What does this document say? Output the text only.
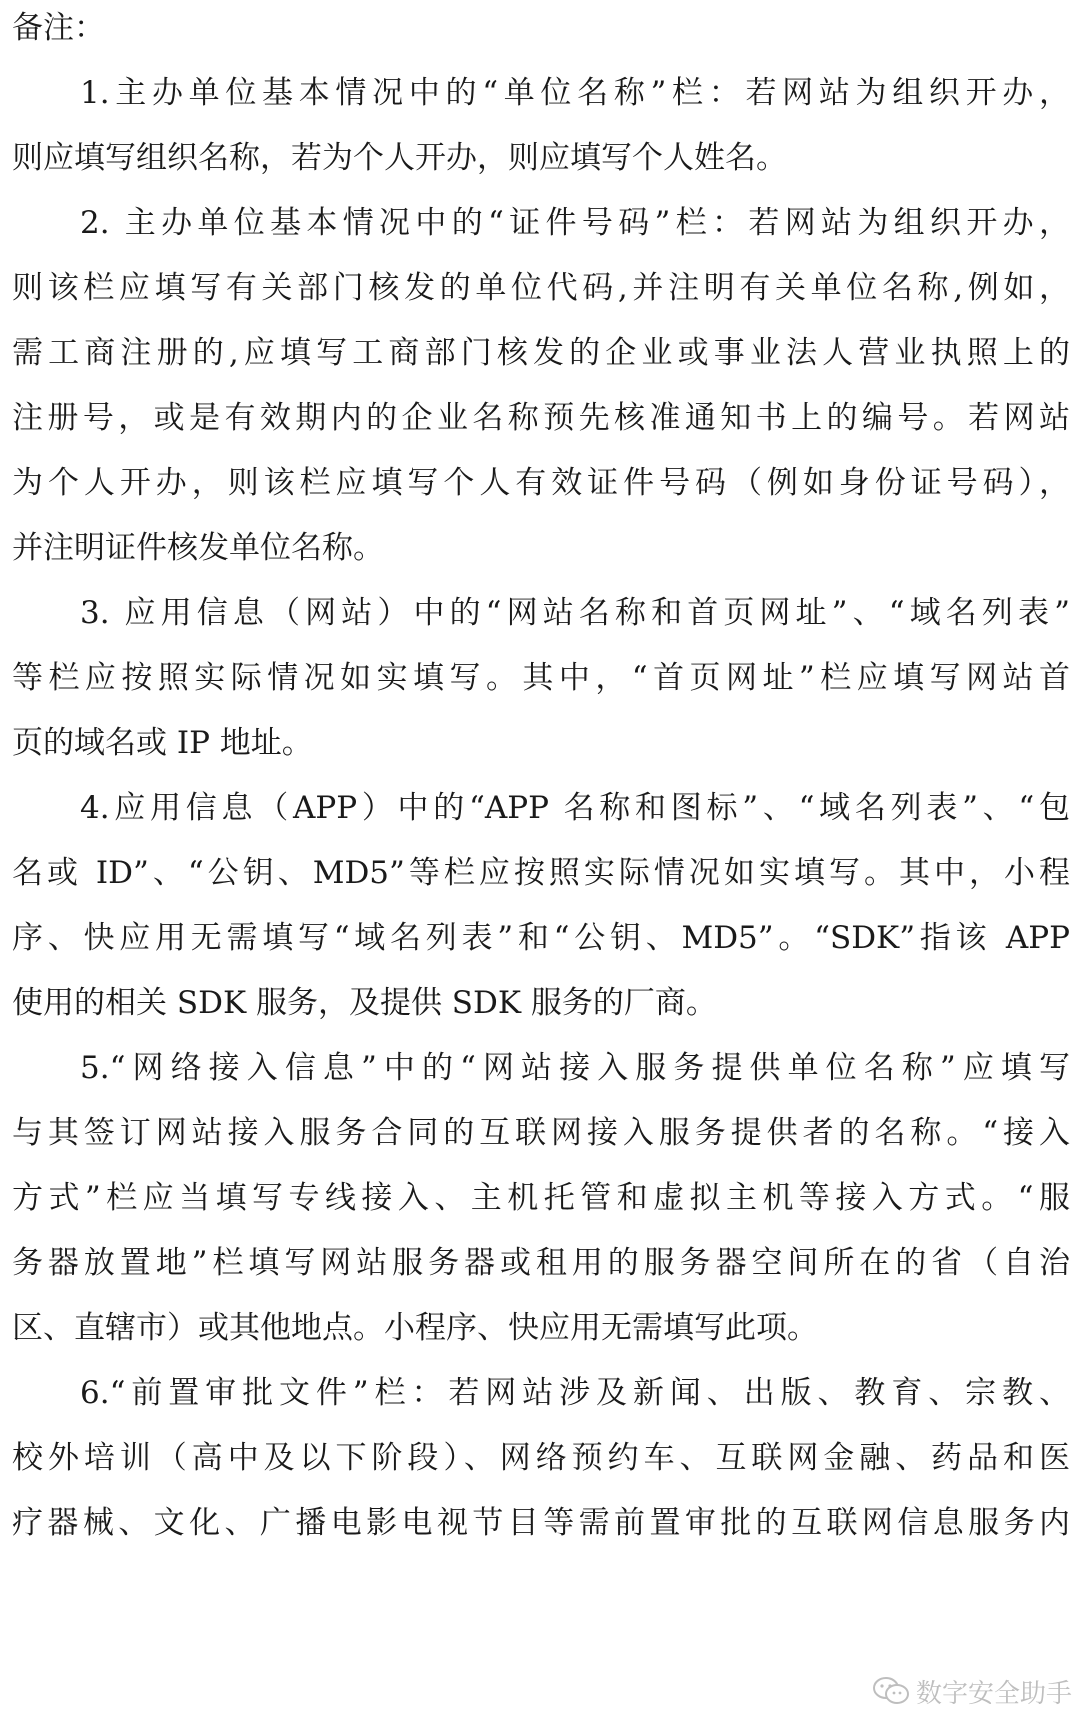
备注：
1.主办单位基本情况中的“单位名称”栏：若网站为组织开办，
则应填写组织名称，若为个人开办，则应填写个人姓名。
2. 主办单位基本情况中的“证件号码”栏：若网站为组织开办，
则该栏应填写有关部门核发的单位代码,并注明有关单位名称,例如，
需工商注册的,应填写工商部门核发的企业或事业法人营业执照上的
注册号，或是有效期内的企业名称预先核准通知书上的编号。若网站
为个人开办，则该栏应填写个人有效证件号码（例如身份证号码），
并注明证件核发单位名称。
3. 应用信息（网站）中的“网站名称和首页网址”、“域名列表”
等栏应按照实际情况如实填写。其中，“首页网址”栏应填写网站首
页的域名或 IP 地址。
4.应用信息（APP）中的“APP 名称和图标”、“域名列表”、“包
名或 ID”、“公钥、MD5”等栏应按照实际情况如实填写。其中，小程
序、快应用无需填写“域名列表”和“公钥、MD5”。“SDK”指该 APP
使用的相关 SDK 服务，及提供 SDK 服务的厂商。
5.“网络接入信息”中的“网站接入服务提供单位名称”应填写
与其签订网站接入服务合同的互联网接入服务提供者的名称。“接入
方式”栏应当填写专线接入、主机托管和虚拟主机等接入方式。“服
务器放置地”栏填写网站服务器或租用的服务器空间所在的省（自治
区、直辖市）或其他地点。小程序、快应用无需填写此项。
6.“前置审批文件”栏：若网站涉及新闻、出版、教育、宗教、
校外培训（高中及以下阶段）、网络预约车、互联网金融、药品和医
疗器械、文化、广播电影电视节目等需前置审批的互联网信息服务内
数字安全助手
